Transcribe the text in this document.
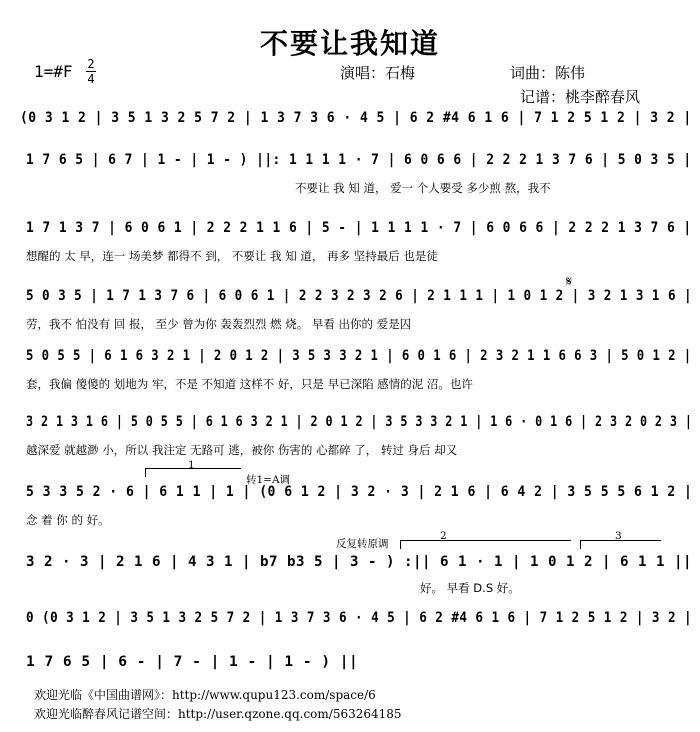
不要让我知道
1=#F 2
4	演唱：石梅	词曲：陈伟
记谱：桃李醉春风
(0 3 1 2 | 3 5 1 3 2 5 7 2 | 1 3 7 3 6 · 4 5 | 6 2 #4 6 1 6 | 7 1 2 5 1 2 | 3 2 |
1 7 6 5 | 6 7 | 1 - | 1 - ) ||: 1 1 1 1 · 7 | 6 0 6 6 | 2 2 2 1 3 7 6 | 5 0 3 5 |
不要让 我 知 道， 爱一 个人要受 多少煎 熬，我不
1 7 1 3 7 | 6 0 6 1 | 2 2 2 1 1 6 | 5 - | 1 1 1 1 · 7 | 6 0 6 6 | 2 2 2 1 3 7 6 |
想醒的 太 早，连一 场美梦 都得不 到， 不要让 我 知 道， 再多 坚持最后 也是徒
𝄋
5 0 3 5 | 1 7 1 3 7 6 | 6 0 6 1 | 2 2 3 2 3 2 6 | 2 1 1 1 | 1 0 1 2 | 3 2 1 3 1 6 |
劳，我不 怕没有 回 报， 至少 曾为你 轰轰烈烈 燃 烧。 早看 出你的 爱是囚
5 0 5 5 | 6 1 6 3 2 1 | 2 0 1 2 | 3 5 3 3 2 1 | 6 0 1 6 | 2 3 2 1 1 6 6 3 | 5 0 1 2 |
套，我偏 傻傻的 划地为 牢，不是 不知道 这样不 好，只是 早已深陷 感情的泥 沼。也许
3 2 1 3 1 6 | 5 0 5 5 | 6 1 6 3 2 1 | 2 0 1 2 | 3 5 3 3 2 1 | 1 6 · 0 1 6 | 2 3 2 0 2 3 |
越深爱 就越渺 小，所以 我注定 无路可 逃，被你 伤害的 心都碎 了， 转过 身后 却又
1
转1=A调
5 3 3 5 2 · 6 | 6 1 1 | 1 | (0 6 1 2 | 3 2 · 3 | 2 1 6 | 6 4 2 | 3 5 5 5 6 1 2 |
念 着 你 的 好。
反复转原调
2	3
3 2 · 3 | 2 1 6 | 4 3 1 | b7 b3 5 | 3 - ) :|| 6 1 · 1 | 1 0 1 2 | 6 1 1 ||
好。 早看 D.S 好。
0 (0 3 1 2 | 3 5 1 3 2 5 7 2 | 1 3 7 3 6 · 4 5 | 6 2 #4 6 1 6 | 7 1 2 5 1 2 | 3 2 |
1 7 6 5 | 6 - | 7 - | 1 - | 1 - ) ||
欢迎光临《中国曲谱网》：http://www.qupu123.com/space/6
欢迎光临醉春风记谱空间：http://user.qzone.qq.com/563264185
